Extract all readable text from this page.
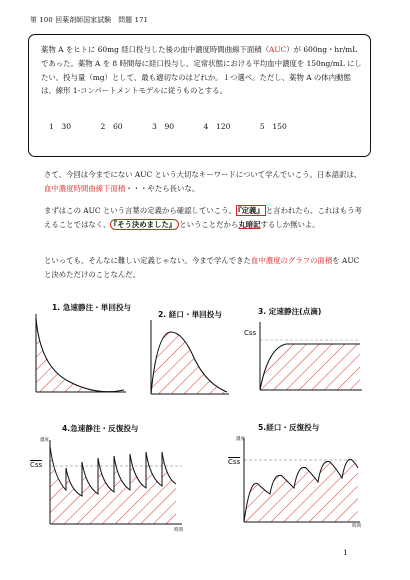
第 100 回薬剤師国家試験　問題 171
薬物 A をヒトに 60mg 経口投与した後の血中濃度時間曲線下面積（AUC）が 600ng・hr/mL であった。薬物 A を 8 時間毎に経口投与し、定常状態における平均血中濃度を 150ng/mL にしたい。投与量（mg）として、最も適切なのはどれか。１つ選べ。ただし、薬物 A の体内動態は、線形 1-コンパートメントモデルに従うものとする。
1　30	2　60	3　90	4　120	5　150
さて、今回は今までにない AUC という大切なキーワードについて学んでいこう。日本語訳は、血中濃度時間曲線下面積・・・やたら長いな。
まずはこの AUC という言葉の定義から確認していこう。 『定義』 と言われたら、これはもう考えることではなく、 『そう決めました』 ということだから丸暗記するしか無いよ。
といっても、そんなに難しい定義じゃない。今まで学んできた血中濃度のグラフの面積を AUC と決めただけのことなんだ。
1. 急速静注・単回投与
2. 経口・単回投与	3. 定速静注(点滴)
Css
4.急速静注・反復投与
濃度
$\overline{Css}$
時間
5.経口・反復投与
濃度
$\overline{Css}$
時間
1
